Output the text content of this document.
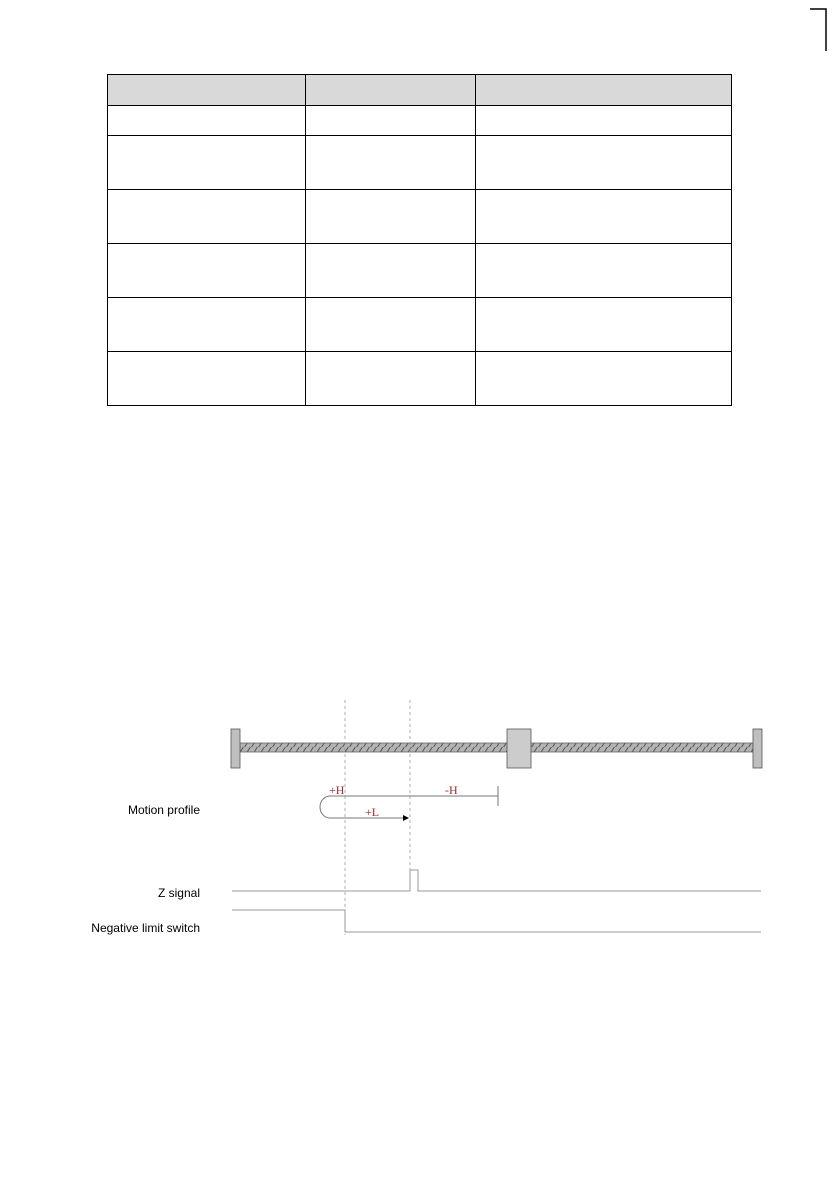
Motion profile
Z signal
Negative limit switch
+H	-H
+L
